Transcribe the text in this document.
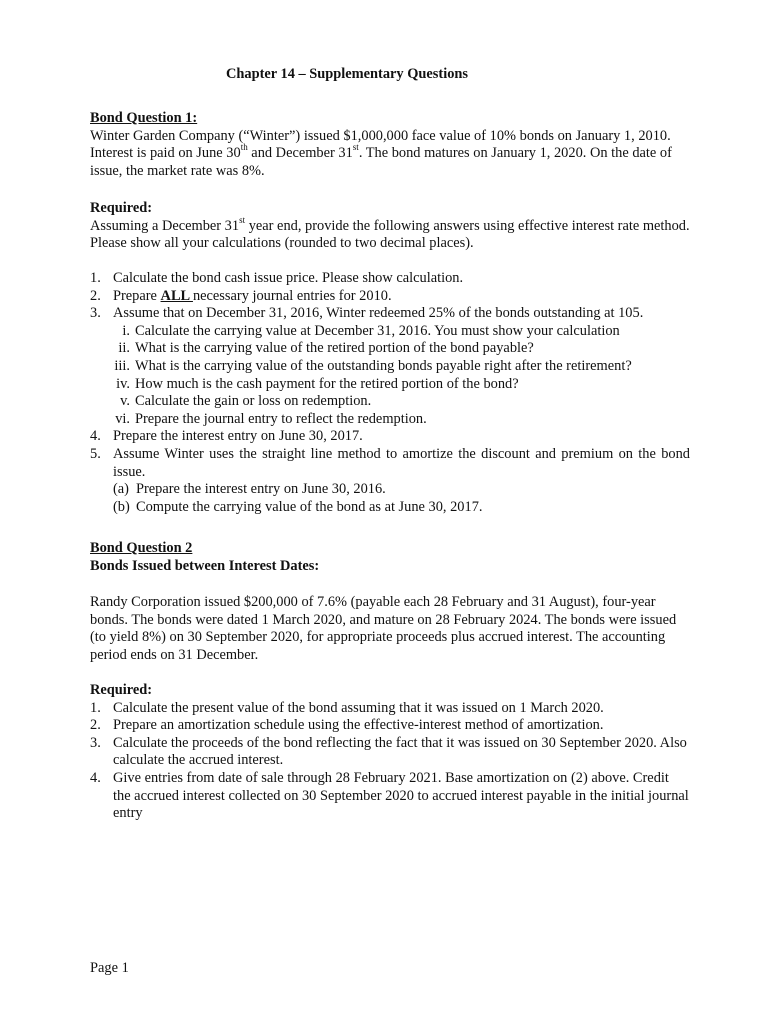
Chapter 14 – Supplementary Questions

Bond Question 1:

Winter Garden Company (“Winter”) issued $1,000,000 face value of 10% bonds on January 1, 2010. Interest is paid on June 30th and December 31st. The bond matures on January 1, 2020. On the date of issue, the market rate was 8%.

Required:

Assuming a December 31st year end, provide the following answers using effective interest rate method. Please show all your calculations (rounded to two decimal places).

1. Calculate the bond cash issue price. Please show calculation.
2. Prepare ALL necessary journal entries for 2010.
3. Assume that on December 31, 2016, Winter redeemed 25% of the bonds outstanding at 105.
i. Calculate the carrying value at December 31, 2016. You must show your calculation
ii. What is the carrying value of the retired portion of the bond payable?
iii. What is the carrying value of the outstanding bonds payable right after the retirement?
iv. How much is the cash payment for the retired portion of the bond?
v. Calculate the gain or loss on redemption.
vi. Prepare the journal entry to reflect the redemption.
4. Prepare the interest entry on June 30, 2017.
5. Assume Winter uses the straight line method to amortize the discount and premium on the bond issue.
(a) Prepare the interest entry on June 30, 2016.
(b) Compute the carrying value of the bond as at June 30, 2017.

Bond Question 2

Bonds Issued between Interest Dates:

Randy Corporation issued $200,000 of 7.6% (payable each 28 February and 31 August), four-year bonds. The bonds were dated 1 March 2020, and mature on 28 February 2024. The bonds were issued (to yield 8%) on 30 September 2020, for appropriate proceeds plus accrued interest. The accounting period ends on 31 December.

Required:

1. Calculate the present value of the bond assuming that it was issued on 1 March 2020.
2. Prepare an amortization schedule using the effective-interest method of amortization.
3. Calculate the proceeds of the bond reflecting the fact that it was issued on 30 September 2020. Also calculate the accrued interest.
4. Give entries from date of sale through 28 February 2021. Base amortization on (2) above. Credit the accrued interest collected on 30 September 2020 to accrued interest payable in the initial journal entry
Page 1
